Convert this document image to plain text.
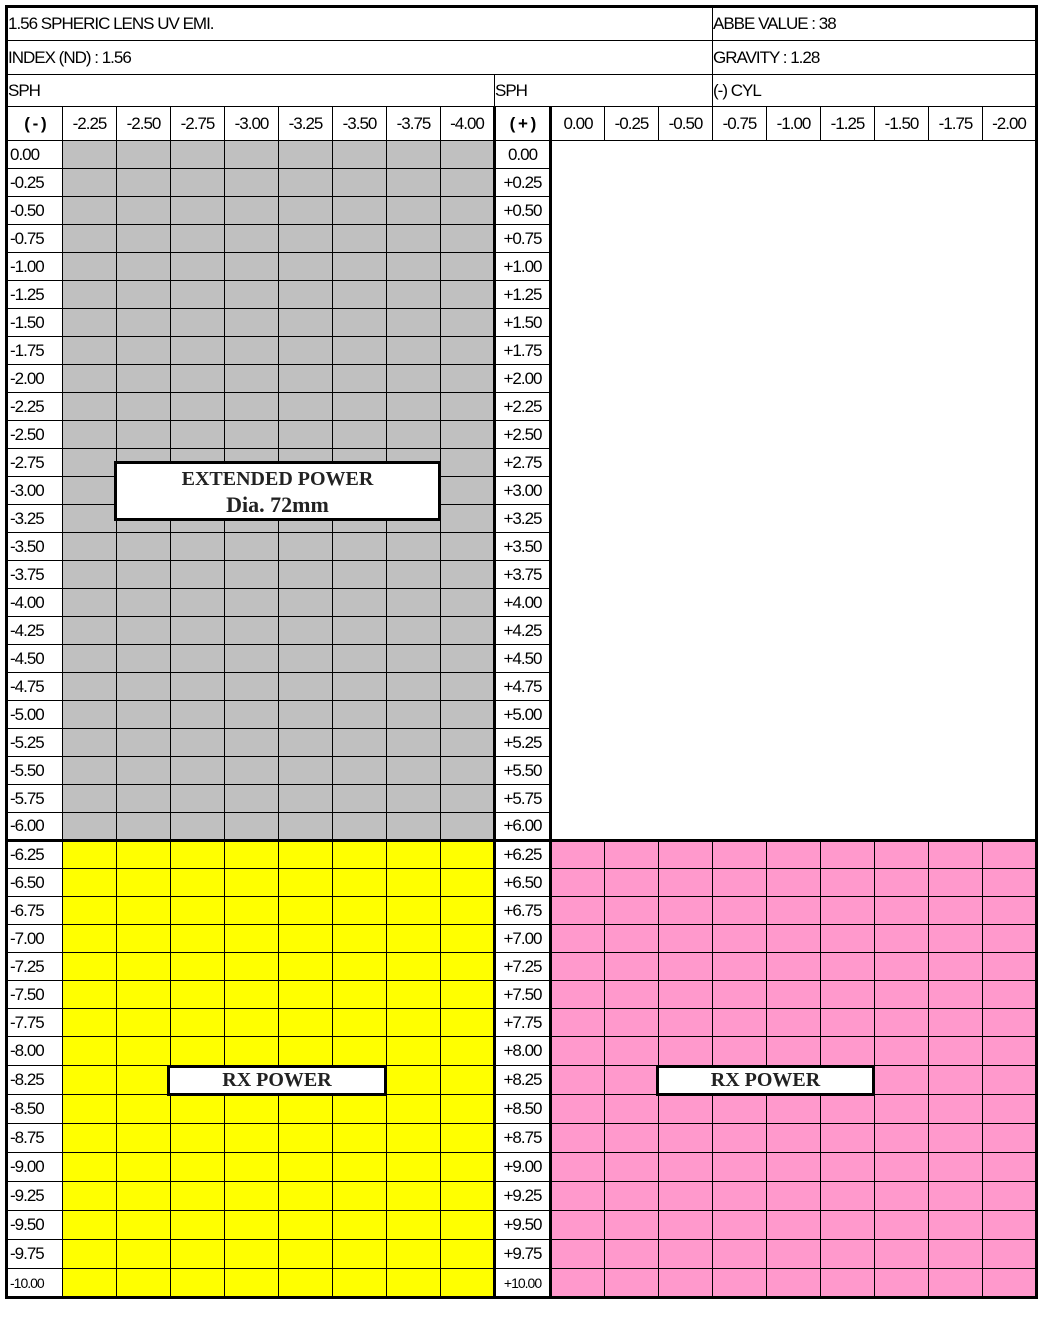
1.56 SPHERIC LENS UV EMI.													ABBE VALUE : 38					
INDEX (ND) : 1.56													GRAVITY : 1.28					
SPH									SPH				(-) CYL					
( - )	-2.25	-2.50	-2.75	-3.00	-3.25	-3.50	-3.75	-4.00	( + )	0.00	-0.25	-0.50	-0.75	-1.00	-1.25	-1.50	-1.75	-2.00
0.00									0.00									
-0.25									+0.25									
-0.50									+0.50									
-0.75									+0.75									
-1.00									+1.00									
-1.25									+1.25									
-1.50									+1.50									
-1.75									+1.75									
-2.00									+2.00									
-2.25									+2.25									
-2.50									+2.50									
-2.75									+2.75									
-3.00									+3.00									
-3.25									+3.25									
-3.50									+3.50									
-3.75									+3.75									
-4.00									+4.00									
-4.25									+4.25									
-4.50									+4.50									
-4.75									+4.75									
-5.00									+5.00									
-5.25									+5.25									
-5.50									+5.50									
-5.75									+5.75									
-6.00									+6.00									
-6.25									+6.25									
-6.50									+6.50									
-6.75									+6.75									
-7.00									+7.00									
-7.25									+7.25									
-7.50									+7.50									
-7.75									+7.75									
-8.00									+8.00									
-8.25									+8.25									
-8.50									+8.50									
-8.75									+8.75									
-9.00									+9.00									
-9.25									+9.25									
-9.50									+9.50									
-9.75									+9.75									
-10.00									+10.00									
EXTENDED POWER
Dia. 72mm
RX POWER	RX POWER
